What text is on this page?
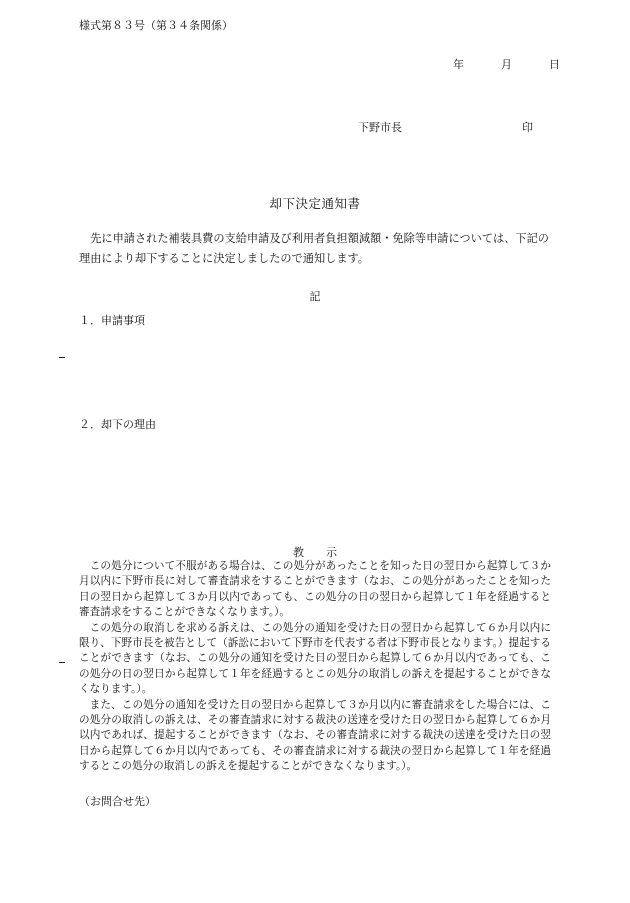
様式第８３号（第３４条関係）
年	月	日
下野市長	印
却下決定通知書
先に申請された補装具費の支給申請及び利用者負担額減額・免除等申請については、下記の理由により却下することに決定しましたので通知します。
記
１．申請事項
２．却下の理由
教示

この処分について不服がある場合は、この処分があったことを知った日の翌日から起算して３か月以内に下野市長に対して審査請求をすることができます（なお、この処分があったことを知った日の翌日から起算して３か月以内であっても、この処分の日の翌日から起算して１年を経過すると審査請求をすることができなくなります。）。

この処分の取消しを求める訴えは、この処分の通知を受けた日の翌日から起算して６か月以内に限り、下野市長を被告として（訴訟において下野市を代表する者は下野市長となります。）提起することができます（なお、この処分の通知を受けた日の翌日から起算して６か月以内であっても、この処分の日の翌日から起算して１年を経過するとこの処分の取消しの訴えを提起することができなくなります。）。

また、この処分の通知を受けた日の翌日から起算して３か月以内に審査請求をした場合には、この処分の取消しの訴えは、その審査請求に対する裁決の送達を受けた日の翌日から起算して６か月以内であれば、提起することができます（なお、その審査請求に対する裁決の送達を受けた日の翌日から起算して６か月以内であっても、その審査請求に対する裁決の翌日から起算して１年を経過するとこの処分の取消しの訴えを提起することができなくなります。）。

（お問合せ先）
